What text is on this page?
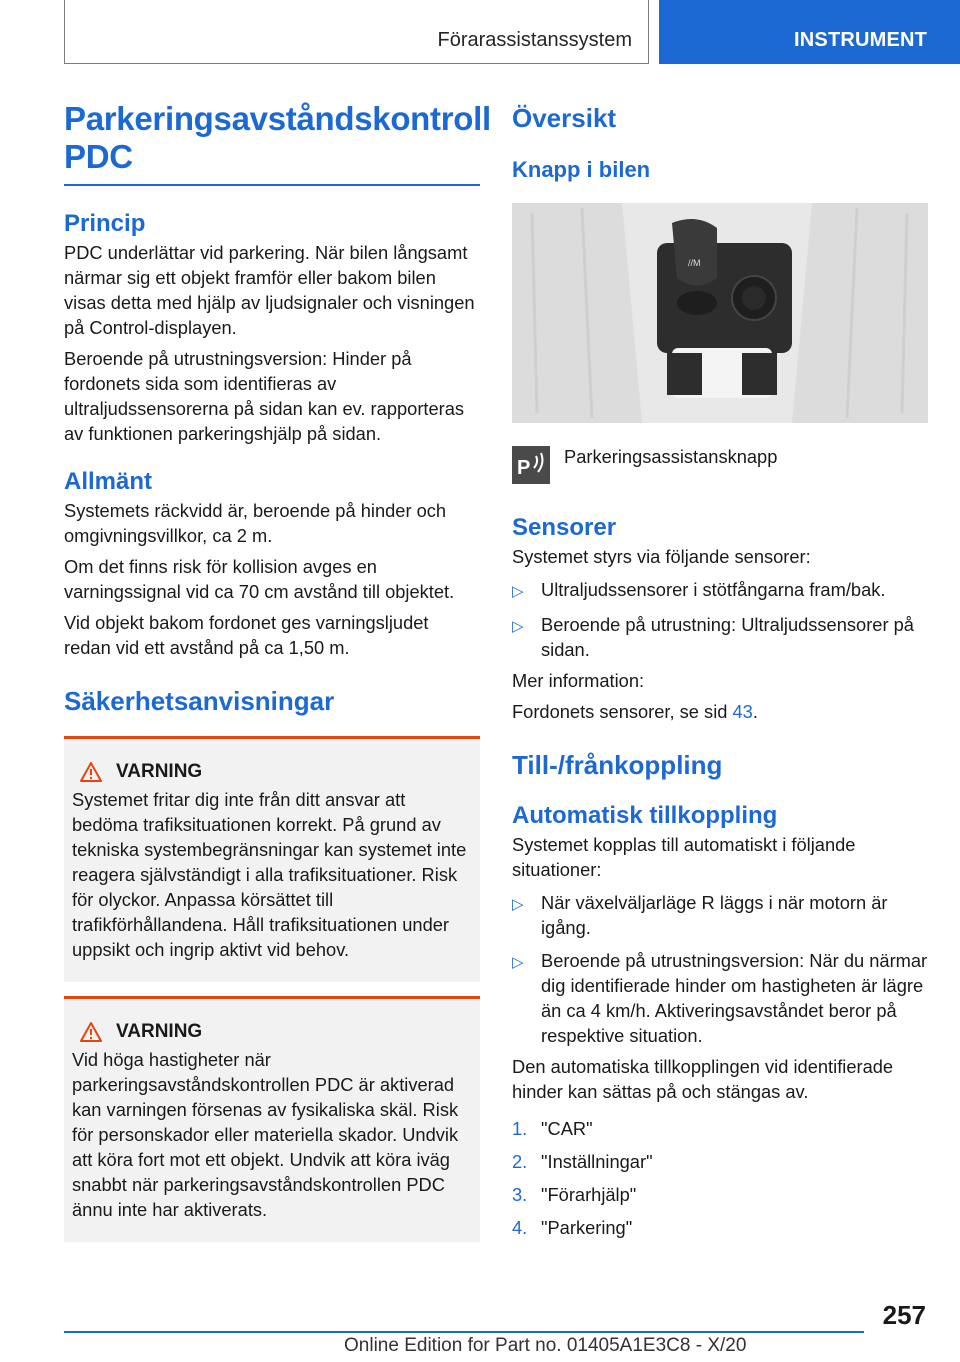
Förarassistanssystem	INSTRUMENT
Parkeringsavståndskontroll
PDC
Princip

PDC underlättar vid parkering. När bilen långsamt närmar sig ett objekt framför eller bakom bilen visas detta med hjälp av ljudsignaler och visningen på Control-displayen.

Beroende på utrustningsversion: Hinder på fordonets sida som identifieras av ultraljudssensorerna på sidan kan ev. rapporteras av funktionen parkeringshjälp på sidan.

Allmänt

Systemets räckvidd är, beroende på hinder och omgivningsvillkor, ca 2 m.

Om det finns risk för kollision avges en varningssignal vid ca 70 cm avstånd till objektet.

Vid objekt bakom fordonet ges varningsljudet redan vid ett avstånd på ca 1,50 m.

Säkerhetsanvisningar
VARNING

Systemet fritar dig inte från ditt ansvar att bedöma trafiksituationen korrekt. På grund av tekniska systembegränsningar kan systemet inte reagera självständigt i alla trafiksituationer. Risk för olyckor. Anpassa körsättet till trafikförhållandena. Håll trafiksituationen under uppsikt och ingrip aktivt vid behov.

VARNING

Vid höga hastigheter när parkeringsavståndskontrollen PDC är aktiverad kan varningen försenas av fysikaliska skäl. Risk för personskador eller materiella skador. Undvik att köra fort mot ett objekt. Undvik att köra iväg snabbt när parkeringsavståndskontrollen PDC ännu inte har aktiverats.

Översikt
Knapp i bilen
//M
P

Parkeringsassistansknapp

Sensorer

Systemet styrs via följande sensorer:

▷ Ultraljudssensorer i stötfångarna fram/bak.
▷ Beroende på utrustning: Ultraljudssensorer på sidan.

Mer information:

Fordonets sensorer, se sid 43.

Till-/frånkoppling
Automatisk tillkoppling

Systemet kopplas till automatiskt i följande situationer:

▷ När växelväljarläge R läggs i när motorn är igång.
▷ Beroende på utrustningsversion: När du närmar dig identifierade hinder om hastigheten är lägre än ca 4 km/h. Aktiveringsavståndet beror på respektive situation.

Den automatiska tillkopplingen vid identifierade hinder kan sättas på och stängas av.

1. "CAR"
2. "Inställningar"
3. "Förarhjälp"
4. "Parkering"
257
Online Edition for Part no. 01405A1E3C8 - X/20
